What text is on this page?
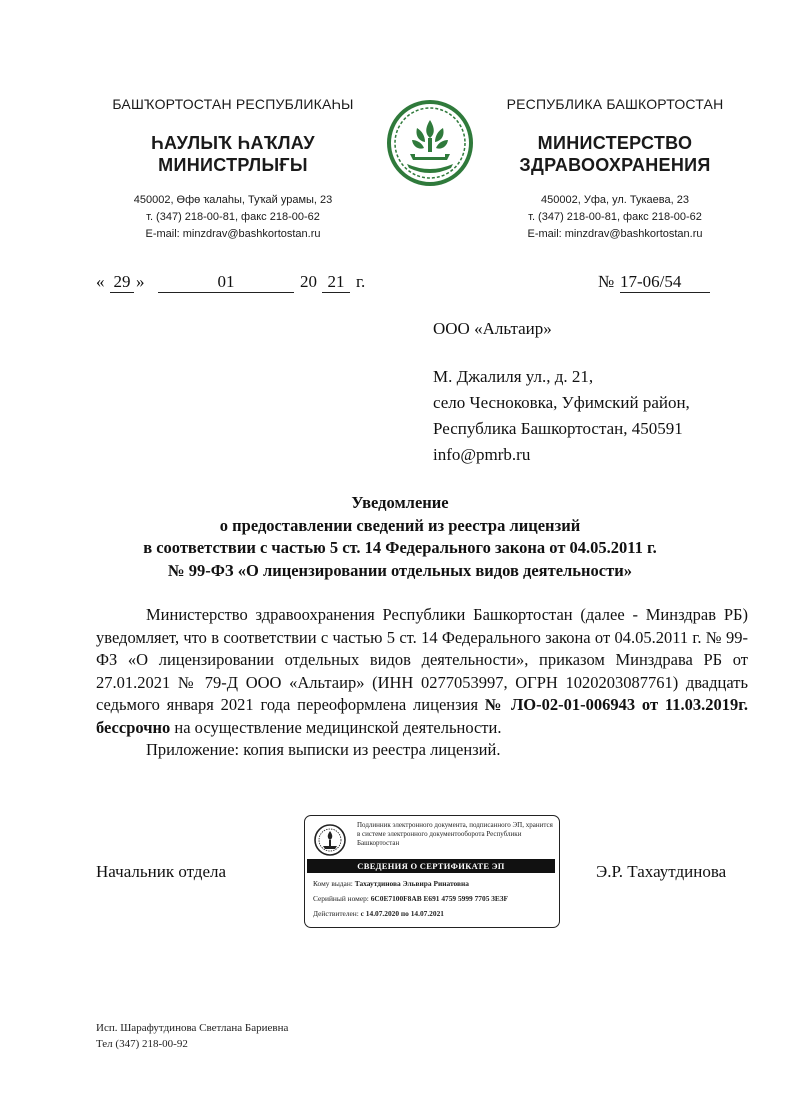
БАШҠОРТОСТАН РЕСПУБЛИКАҺЫ
ҺАУЛЫҠ ҺАҠЛАУ
МИНИСТРЛЫҒЫ
450002, Өфө ҡалаһы, Туҡай урамы, 23
т. (347) 218-00-81, факс 218-00-62
E-mail: minzdrav@bashkortostan.ru
РЕСПУБЛИКА БАШКОРТОСТАН
МИНИСТЕРСТВО
ЗДРАВООХРАНЕНИЯ
450002, Уфа, ул. Тукаева, 23
т. (347) 218-00-81, факс 218-00-62
E-mail: minzdrav@bashkortostan.ru
« 29 »	01	20 21 г.	№ 17-06/54
ООО «Альтаир»
М. Джалиля ул., д. 21,
село Чесноковка, Уфимский район,
Республика Башкортостан, 450591
info@pmrb.ru
Уведомление
о предоставлении сведений из реестра лицензий
в соответствии с частью 5 ст. 14 Федерального закона от 04.05.2011 г.
№ 99-ФЗ «О лицензировании отдельных видов деятельности»

Министерство здравоохранения Республики Башкортостан (далее - Минздрав РБ) уведомляет, что в соответствии с частью 5 ст. 14 Федерального закона от 04.05.2011 г. № 99-ФЗ «О лицензировании отдельных видов деятельности», приказом Минздрава РБ от 27.01.2021 № 79-Д ООО «Альтаир» (ИНН 0277053997, ОГРН 1020203087761) двадцать седьмого января 2021 года переоформлена лицензия № ЛО-02-01-006943 от 11.03.2019г. бессрочно на осуществление медицинской деятельности.

Приложение: копия выписки из реестра лицензий.

Начальник отдела	Э.Р. Тахаутдинова
Подлинник электронного документа, подписанного ЭП, хранится в системе электронного документооборота Республики Башкортостан
СВЕДЕНИЯ О СЕРТИФИКАТЕ ЭП
Кому выдан: Тахаутдинова Эльвира Ринатовна
Серийный номер: 6С0Е7100F8AB E691 4759 5999 7705 3E3F
Действителен: с 14.07.2020 по 14.07.2021
Исп. Шарафутдинова Светлана Бариевна
Тел (347) 218-00-92
